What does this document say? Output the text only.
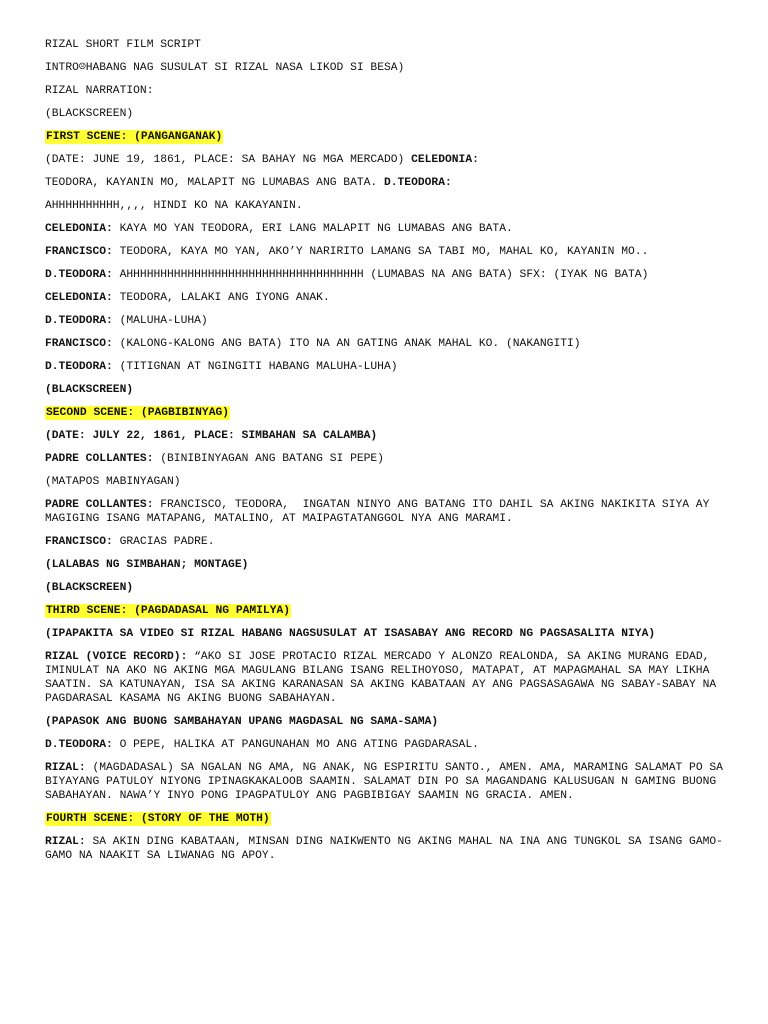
RIZAL SHORT FILM SCRIPT

INTRO☹HABANG NAG SUSULAT SI RIZAL NASA LIKOD SI BESA)

RIZAL NARRATION:

(BLACKSCREEN)

FIRST SCENE: (PANGANGANAK)

(DATE: JUNE 19, 1861, PLACE: SA BAHAY NG MGA MERCADO) CELEDONIA:

TEODORA, KAYANIN MO, MALAPIT NG LUMABAS ANG BATA. D.TEODORA:

AHHHHHHHHHH,,,, HINDI KO NA KAKAYANIN.

CELEDONIA: KAYA MO YAN TEODORA, ERI LANG MALAPIT NG LUMABAS ANG BATA.

FRANCISCO: TEODORA, KAYA MO YAN, AKO’Y NARIRITO LAMANG SA TABI MO, MAHAL KO, KAYANIN MO..

D.TEODORA: AHHHHHHHHHHHHHHHHHHHHHHHHHHHHHHHHHHH (LUMABAS NA ANG BATA) SFX: (IYAK NG BATA)

CELEDONIA: TEODORA, LALAKI ANG IYONG ANAK.

D.TEODORA: (MALUHA-LUHA)

FRANCISCO: (KALONG-KALONG ANG BATA) ITO NA AN GATING ANAK MAHAL KO. (NAKANGITI)

D.TEODORA: (TITIGNAN AT NGINGITI HABANG MALUHA-LUHA)

(BLACKSCREEN)

SECOND SCENE: (PAGBIBINYAG)

(DATE: JULY 22, 1861, PLACE: SIMBAHAN SA CALAMBA)

PADRE COLLANTES: (BINIBINYAGAN ANG BATANG SI PEPE)

(MATAPOS MABINYAGAN)

PADRE COLLANTES: FRANCISCO, TEODORA,  INGATAN NINYO ANG BATANG ITO DAHIL SA AKING NAKIKITA SIYA AY MAGIGING ISANG MATAPANG, MATALINO, AT MAIPAGTATANGGOL NYA ANG MARAMI.

FRANCISCO: GRACIAS PADRE.

(LALABAS NG SIMBAHAN; MONTAGE)

(BLACKSCREEN)

THIRD SCENE: (PAGDADASAL NG PAMILYA)

(IPAPAKITA SA VIDEO SI RIZAL HABANG NAGSUSULAT AT ISASABAY ANG RECORD NG PAGSASALITA NIYA)

RIZAL (VOICE RECORD): “AKO SI JOSE PROTACIO RIZAL MERCADO Y ALONZO REALONDA, SA AKING MURANG EDAD, IMINULAT NA AKO NG AKING MGA MAGULANG BILANG ISANG RELIHOYOSO, MATAPAT, AT MAPAGMAHAL SA MAY LIKHA SAATIN. SA KATUNAYAN, ISA SA AKING KARANASAN SA AKING KABATAAN AY ANG PAGSASAGAWA NG SABAY-SABAY NA PAGDARASAL KASAMA NG AKING BUONG SABAHAYAN.

(PAPASOK ANG BUONG SAMBAHAYAN UPANG MAGDASAL NG SAMA-SAMA)

D.TEODORA: O PEPE, HALIKA AT PANGUNAHAN MO ANG ATING PAGDARASAL.

RIZAL: (MAGDADASAL) SA NGALAN NG AMA, NG ANAK, NG ESPIRITU SANTO., AMEN. AMA, MARAMING SALAMAT PO SA BIYAYANG PATULOY NIYONG IPINAGKAKALOOB SAAMIN. SALAMAT DIN PO SA MAGANDANG KALUSUGAN N GAMING BUONG SABAHAYAN. NAWA’Y INYO PONG IPAGPATULOY ANG PAGBIBIGAY SAAMIN NG GRACIA. AMEN.

FOURTH SCENE: (STORY OF THE MOTH)

RIZAL: SA AKIN DING KABATAAN, MINSAN DING NAIKWENTO NG AKING MAHAL NA INA ANG TUNGKOL SA ISANG GAMO-GAMO NA NAAKIT SA LIWANAG NG APOY.
